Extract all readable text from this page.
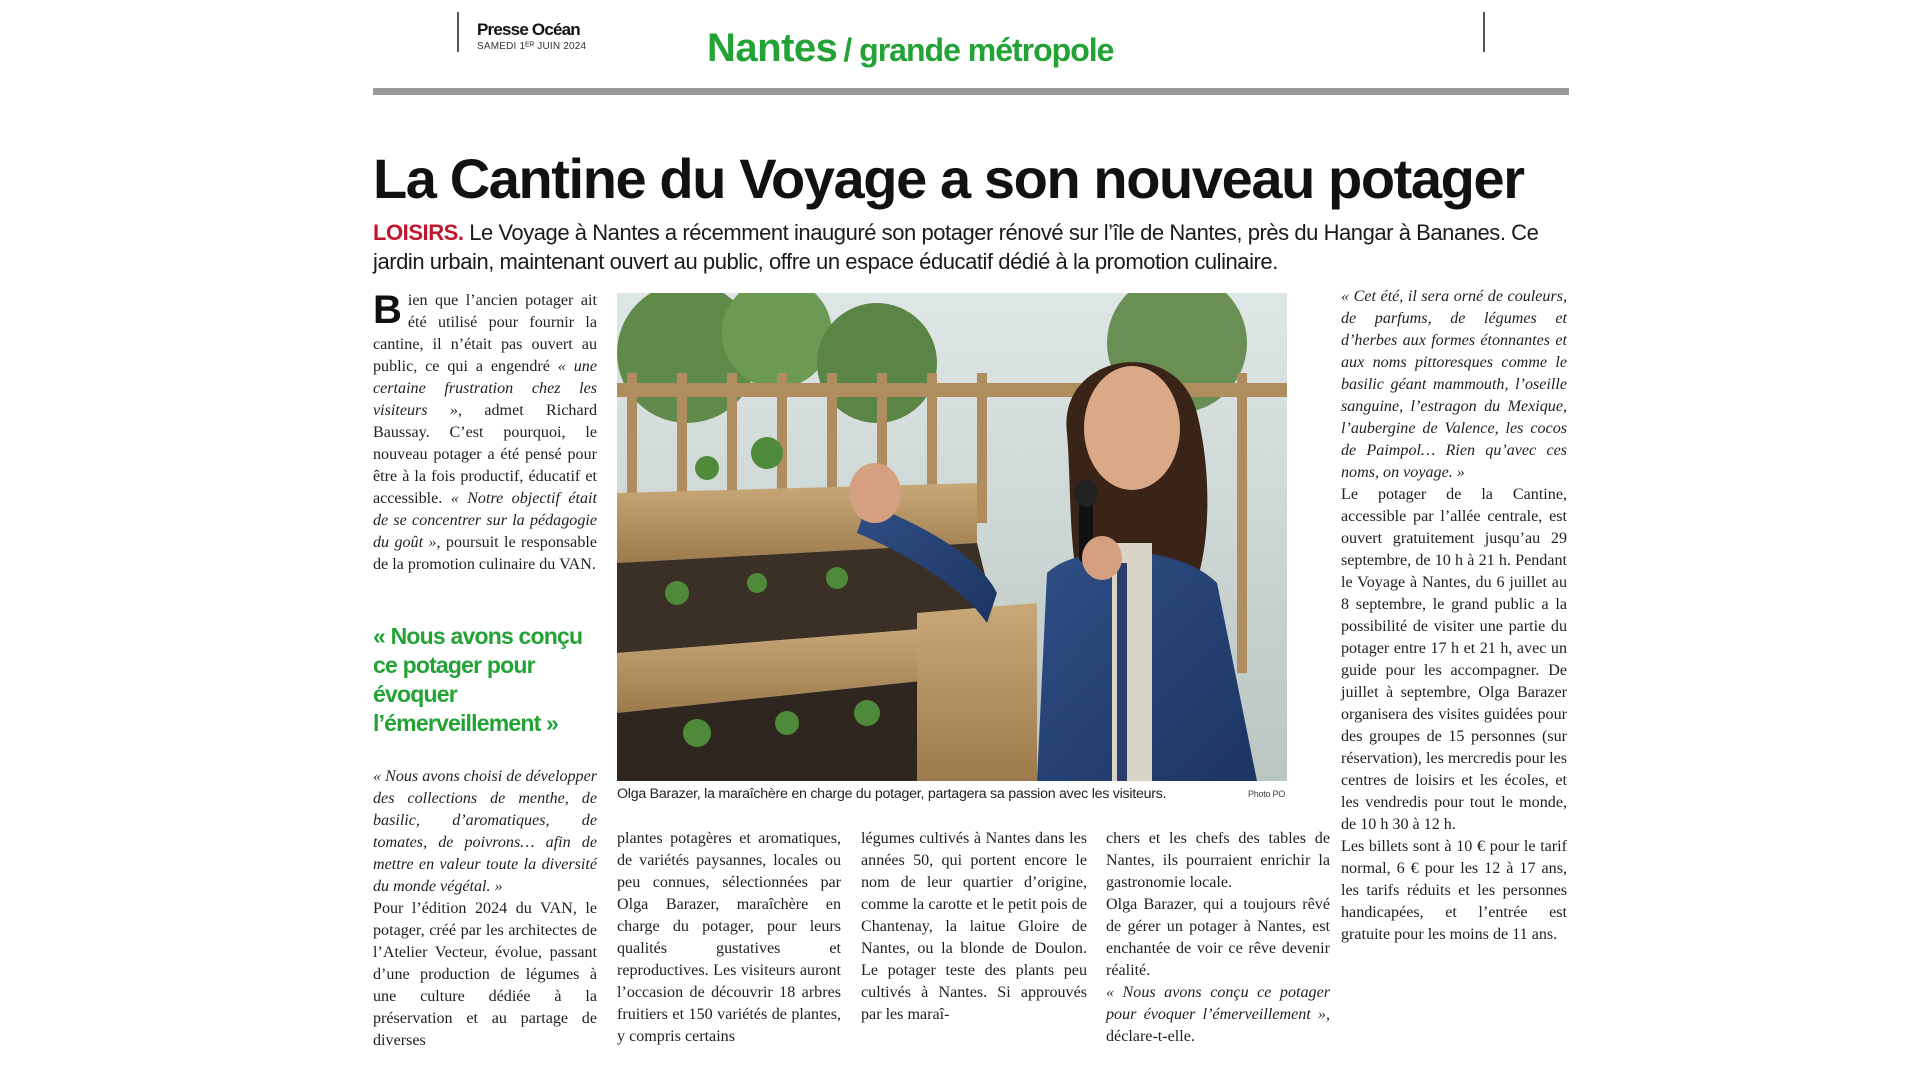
Presse Océan
SAMEDI 1ᴱᴿ JUIN 2024	Nantes / grande métropole
La Cantine du Voyage a son nouveau potager

LOISIRS. Le Voyage à Nantes a récemment inauguré son potager rénové sur l’île de Nantes, près du Hangar à Bananes. Ce jardin urbain, maintenant ouvert au public, offre un espace éducatif dédié à la promotion culinaire.

Bien que l’ancien potager ait été utilisé pour fournir la cantine, il n’était pas ouvert au public, ce qui a engendré « une certaine frustration chez les visiteurs », admet Richard Baussay. C’est pourquoi, le nouveau potager a été pensé pour être à la fois productif, éducatif et accessible. « Notre objectif était de se concentrer sur la pédagogie du goût », poursuit le responsable de la promotion culinaire du VAN.

« Nous avons conçu ce potager pour évoquer l’émerveillement »

« Nous avons choisi de développer des collections de menthe, de basilic, d’aromatiques, de tomates, de poivrons… afin de mettre en valeur toute la diversité du monde végétal. »

Pour l’édition 2024 du VAN, le potager, créé par les architectes de l’Atelier Vecteur, évolue, passant d’une production de légumes à une culture dédiée à la préservation et au partage de diverses

Olga Barazer, la maraîchère en charge du potager, partagera sa passion avec les visiteurs.	Photo PO

plantes potagères et aromatiques, de variétés paysannes, locales ou peu connues, sélectionnées par Olga Barazer, maraîchère en charge du potager, pour leurs qualités gustatives et reproductives. Les visiteurs auront l’occasion de découvrir 18 arbres fruitiers et 150 variétés de plantes, y compris certains

légumes cultivés à Nantes dans les années 50, qui portent encore le nom de leur quartier d’origine, comme la carotte et le petit pois de Chantenay, la laitue Gloire de Nantes, ou la blonde de Doulon. Le potager teste des plants peu cultivés à Nantes. Si approuvés par les maraî-

chers et les chefs des tables de Nantes, ils pourraient enrichir la gastronomie locale.

Olga Barazer, qui a toujours rêvé de gérer un potager à Nantes, est enchantée de voir ce rêve devenir réalité.

« Nous avons conçu ce potager pour évoquer l’émerveillement », déclare-t-elle.

« Cet été, il sera orné de couleurs, de parfums, de légumes et d’herbes aux formes étonnantes et aux noms pittoresques comme le basilic géant mammouth, l’oseille sanguine, l’estragon du Mexique, l’aubergine de Valence, les cocos de Paimpol… Rien qu’avec ces noms, on voyage. »

Le potager de la Cantine, accessible par l’allée centrale, est ouvert gratuitement jusqu’au 29 septembre, de 10 h à 21 h. Pendant le Voyage à Nantes, du 6 juillet au 8 septembre, le grand public a la possibilité de visiter une partie du potager entre 17 h et 21 h, avec un guide pour les accompagner. De juillet à septembre, Olga Barazer organisera des visites guidées pour des groupes de 15 personnes (sur réservation), les mercredis pour les centres de loisirs et les écoles, et les vendredis pour tout le monde, de 10 h 30 à 12 h.

Les billets sont à 10 € pour le tarif normal, 6 € pour les 12 à 17 ans, les tarifs réduits et les personnes handicapées, et l’entrée est gratuite pour les moins de 11 ans.
